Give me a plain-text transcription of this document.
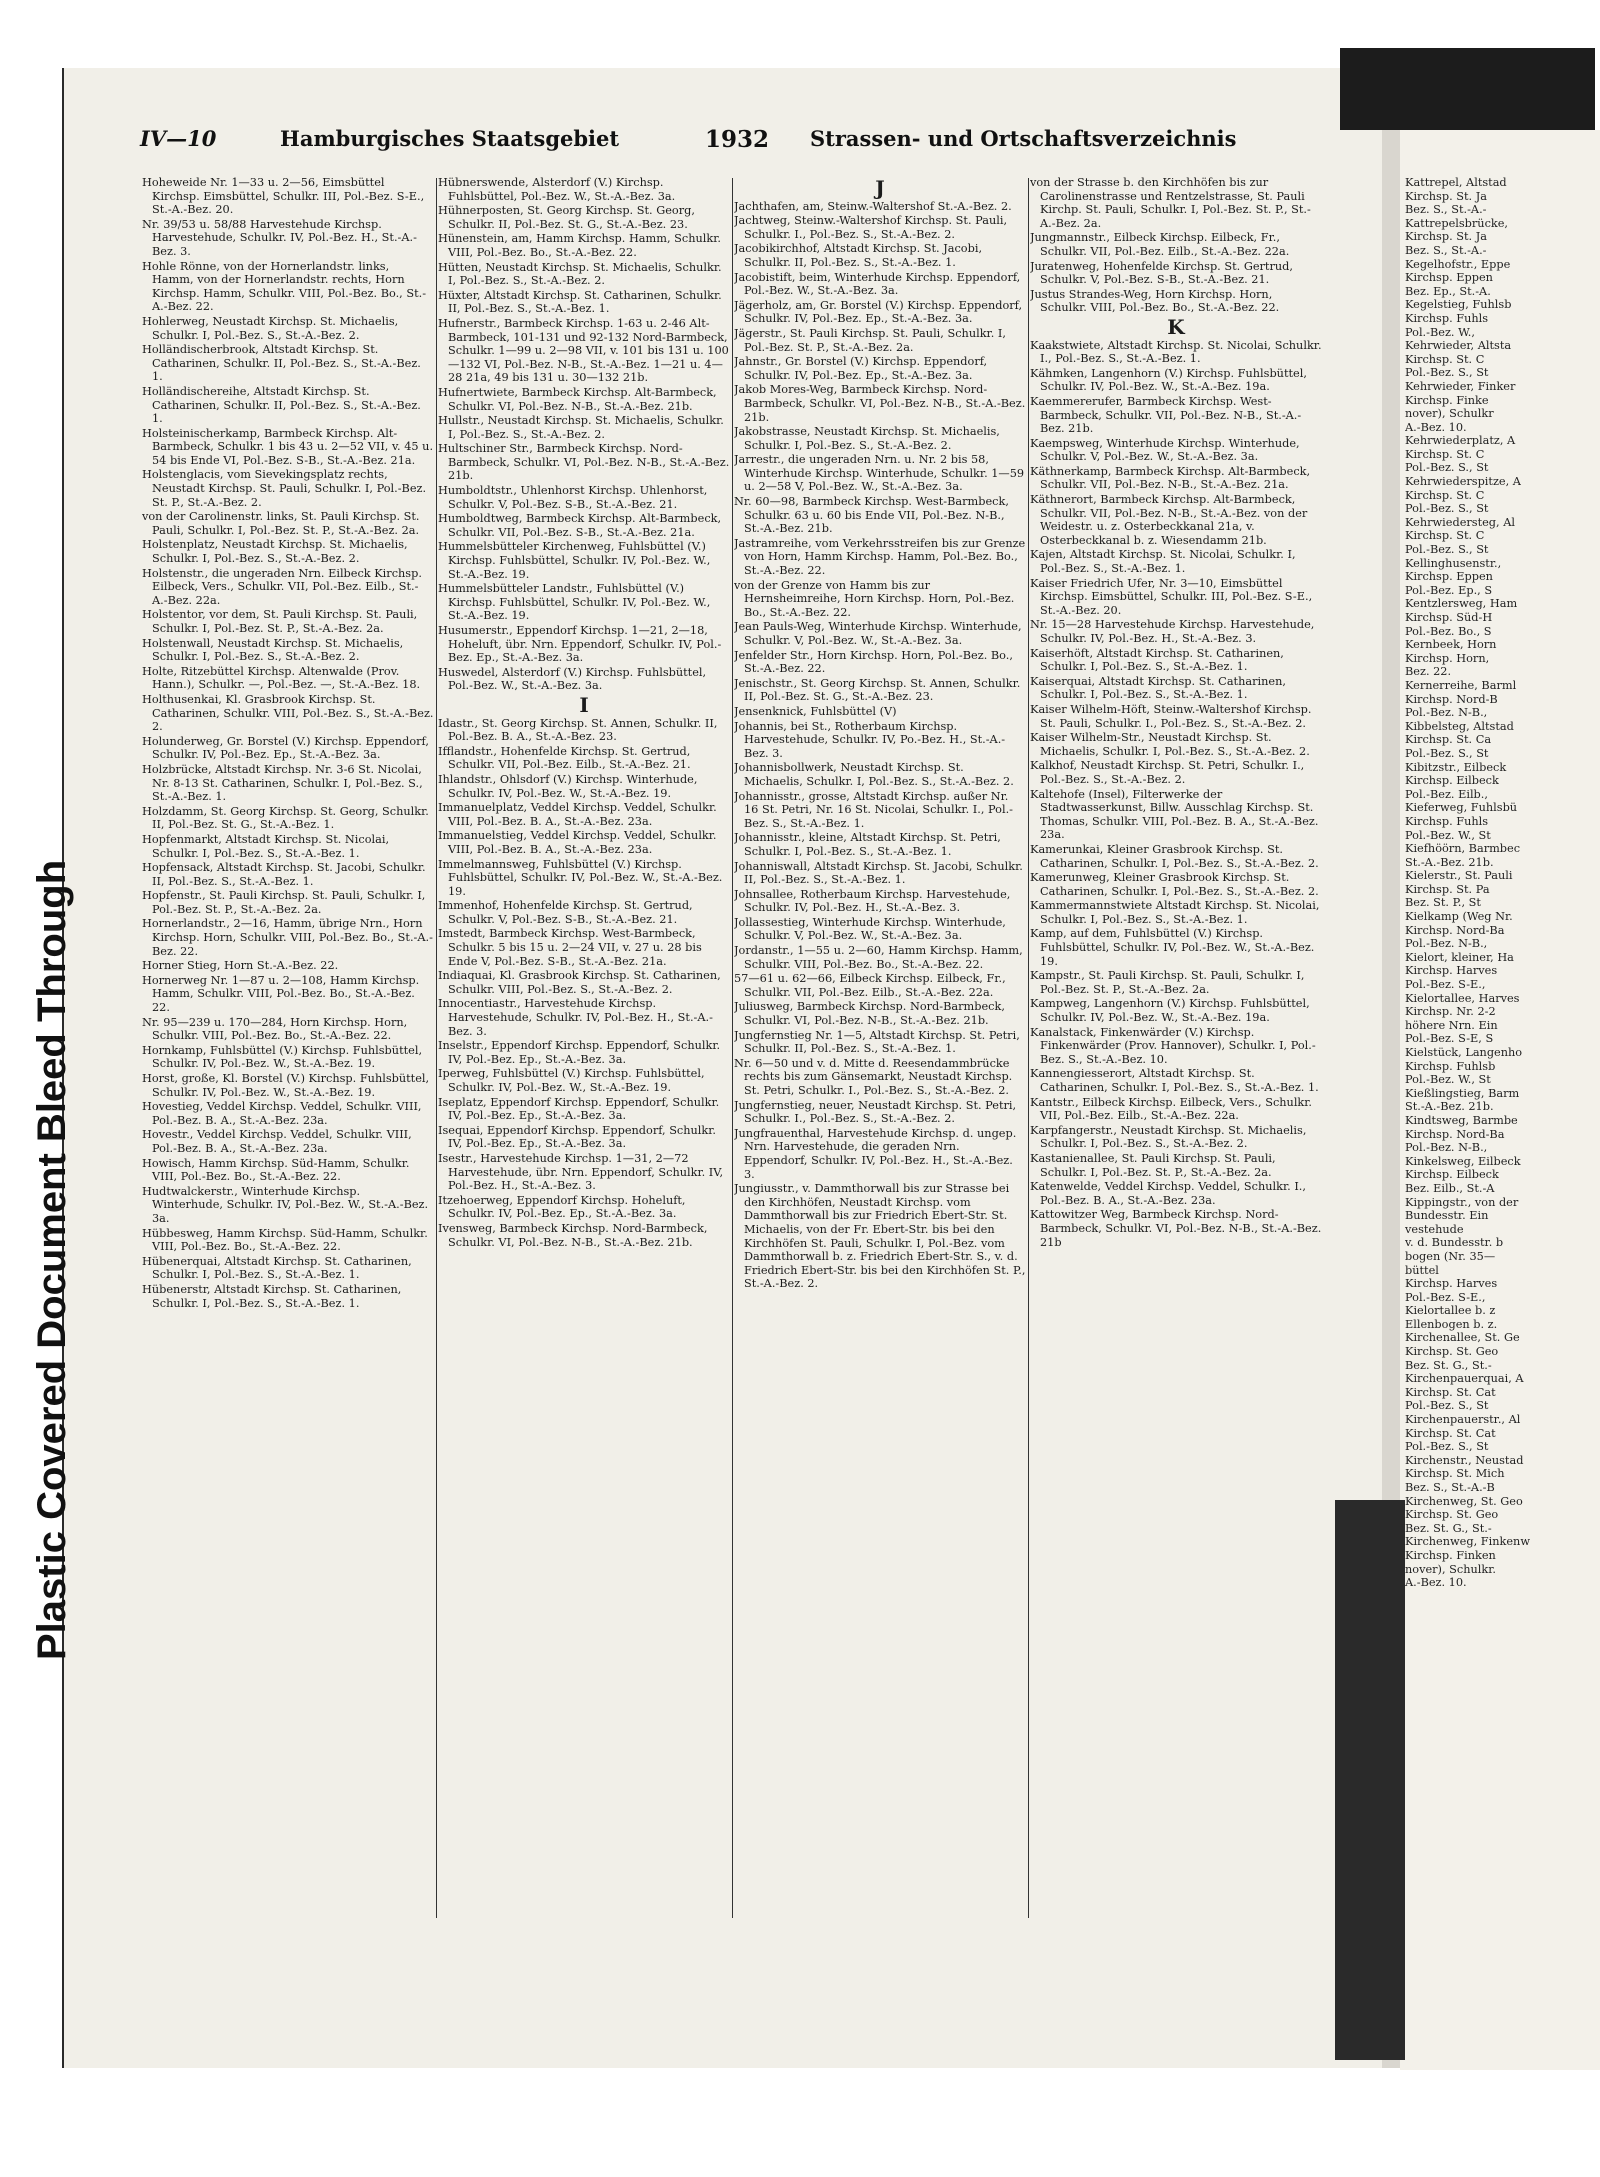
Plastic Covered Document Bleed Through
IV—10	Hamburgisches Staatsgebiet	1932 Strassen- und Ortschaftsverzeichnis
Hoheweide Nr. 1—33 u. 2—56, Eimsbüttel Kirchsp. Eimsbüttel, Schulkr. III, Pol.-Bez. S-E., St.-A.-Bez. 20.
Nr. 39/53 u. 58/88 Harvestehude Kirchsp. Harvestehude, Schulkr. IV, Pol.-Bez. H., St.-A.-Bez. 3.
Hohle Rönne, von der Hornerlandstr. links, Hamm, von der Hornerlandstr. rechts, Horn Kirchsp. Hamm, Schulkr. VIII, Pol.-Bez. Bo., St.-A.-Bez. 22.
Hohlerweg, Neustadt Kirchsp. St. Michaelis, Schulkr. I, Pol.-Bez. S., St.-A.-Bez. 2.
Holländischerbrook, Altstadt Kirchsp. St. Catharinen, Schulkr. II, Pol.-Bez. S., St.-A.-Bez. 1.
Holländischereihe, Altstadt Kirchsp. St. Catharinen, Schulkr. II, Pol.-Bez. S., St.-A.-Bez. 1.
Holsteinischerkamp, Barmbeck Kirchsp. Alt-Barmbeck, Schulkr. 1 bis 43 u. 2—52 VII, v. 45 u. 54 bis Ende VI, Pol.-Bez. S-B., St.-A.-Bez. 21a.
Holstenglacis, vom Sievekingsplatz rechts, Neustadt Kirchsp. St. Pauli, Schulkr. I, Pol.-Bez. St. P., St.-A.-Bez. 2.
von der Carolinenstr. links, St. Pauli Kirchsp. St. Pauli, Schulkr. I, Pol.-Bez. St. P., St.-A.-Bez. 2a.
Holstenplatz, Neustadt Kirchsp. St. Michaelis, Schulkr. I, Pol.-Bez. S., St.-A.-Bez. 2.
Holstenstr., die ungeraden Nrn. Eilbeck Kirchsp. Eilbeck, Vers., Schulkr. VII, Pol.-Bez. Eilb., St.-A.-Bez. 22a.
Holstentor, vor dem, St. Pauli Kirchsp. St. Pauli, Schulkr. I, Pol.-Bez. St. P., St.-A.-Bez. 2a.
Holstenwall, Neustadt Kirchsp. St. Michaelis, Schulkr. I, Pol.-Bez. S., St.-A.-Bez. 2.
Holte, Ritzebüttel Kirchsp. Altenwalde (Prov. Hann.), Schulkr. —, Pol.-Bez. —, St.-A.-Bez. 18.
Holthusenkai, Kl. Grasbrook Kirchsp. St. Catharinen, Schulkr. VIII, Pol.-Bez. S., St.-A.-Bez. 2.
Holunderweg, Gr. Borstel (V.) Kirchsp. Eppendorf, Schulkr. IV, Pol.-Bez. Ep., St.-A.-Bez. 3a.
Holzbrücke, Altstadt Kirchsp. Nr. 3-6 St. Nicolai, Nr. 8-13 St. Catharinen, Schulkr. I, Pol.-Bez. S., St.-A.-Bez. 1.
Holzdamm, St. Georg Kirchsp. St. Georg, Schulkr. II, Pol.-Bez. St. G., St.-A.-Bez. 1.
Hopfenmarkt, Altstadt Kirchsp. St. Nicolai, Schulkr. I, Pol.-Bez. S., St.-A.-Bez. 1.
Hopfensack, Altstadt Kirchsp. St. Jacobi, Schulkr. II, Pol.-Bez. S., St.-A.-Bez. 1.
Hopfenstr., St. Pauli Kirchsp. St. Pauli, Schulkr. I, Pol.-Bez. St. P., St.-A.-Bez. 2a.
Hornerlandstr., 2—16, Hamm, übrige Nrn., Horn Kirchsp. Horn, Schulkr. VIII, Pol.-Bez. Bo., St.-A.-Bez. 22.
Horner Stieg, Horn St.-A.-Bez. 22.
Hornerweg Nr. 1—87 u. 2—108, Hamm Kirchsp. Hamm, Schulkr. VIII, Pol.-Bez. Bo., St.-A.-Bez. 22.
Nr. 95—239 u. 170—284, Horn Kirchsp. Horn, Schulkr. VIII, Pol.-Bez. Bo., St.-A.-Bez. 22.
Hornkamp, Fuhlsbüttel (V.) Kirchsp. Fuhlsbüttel, Schulkr. IV, Pol.-Bez. W., St.-A.-Bez. 19.
Horst, große, Kl. Borstel (V.) Kirchsp. Fuhlsbüttel, Schulkr. IV, Pol.-Bez. W., St.-A.-Bez. 19.
Hovestieg, Veddel Kirchsp. Veddel, Schulkr. VIII, Pol.-Bez. B. A., St.-A.-Bez. 23a.
Hovestr., Veddel Kirchsp. Veddel, Schulkr. VIII, Pol.-Bez. B. A., St.-A.-Bez. 23a.
Howisch, Hamm Kirchsp. Süd-Hamm, Schulkr. VIII, Pol.-Bez. Bo., St.-A.-Bez. 22.
Hudtwalckerstr., Winterhude Kirchsp. Winterhude, Schulkr. IV, Pol.-Bez. W., St.-A.-Bez. 3a.
Hübbesweg, Hamm Kirchsp. Süd-Hamm, Schulkr. VIII, Pol.-Bez. Bo., St.-A.-Bez. 22.
Hübenerquai, Altstadt Kirchsp. St. Catharinen, Schulkr. I, Pol.-Bez. S., St.-A.-Bez. 1.
Hübenerstr, Altstadt Kirchsp. St. Catharinen, Schulkr. I, Pol.-Bez. S., St.-A.-Bez. 1.
Hübnerswende, Alsterdorf (V.) Kirchsp. Fuhlsbüttel, Pol.-Bez. W., St.-A.-Bez. 3a.
Hühnerposten, St. Georg Kirchsp. St. Georg, Schulkr. II, Pol.-Bez. St. G., St.-A.-Bez. 23.
Hünenstein, am, Hamm Kirchsp. Hamm, Schulkr. VIII, Pol.-Bez. Bo., St.-A.-Bez. 22.
Hütten, Neustadt Kirchsp. St. Michaelis, Schulkr. I, Pol.-Bez. S., St.-A.-Bez. 2.
Hüxter, Altstadt Kirchsp. St. Catharinen, Schulkr. II, Pol.-Bez. S., St.-A.-Bez. 1.
Hufnerstr., Barmbeck Kirchsp. 1-63 u. 2-46 Alt-Barmbeck, 101-131 und 92-132 Nord-Barmbeck, Schulkr. 1—99 u. 2—98 VII, v. 101 bis 131 u. 100—132 VI, Pol.-Bez. N-B., St.-A.-Bez. 1—21 u. 4—28 21a, 49 bis 131 u. 30—132 21b.
Hufnertwiete, Barmbeck Kirchsp. Alt-Barmbeck, Schulkr. VI, Pol.-Bez. N-B., St.-A.-Bez. 21b.
Hullstr., Neustadt Kirchsp. St. Michaelis, Schulkr. I, Pol.-Bez. S., St.-A.-Bez. 2.
Hultschiner Str., Barmbeck Kirchsp. Nord-Barmbeck, Schulkr. VI, Pol.-Bez. N-B., St.-A.-Bez. 21b.
Humboldtstr., Uhlenhorst Kirchsp. Uhlenhorst, Schulkr. V, Pol.-Bez. S-B., St.-A.-Bez. 21.
Humboldtweg, Barmbeck Kirchsp. Alt-Barmbeck, Schulkr. VII, Pol.-Bez. S-B., St.-A.-Bez. 21a.
Hummelsbütteler Kirchenweg, Fuhlsbüttel (V.) Kirchsp. Fuhlsbüttel, Schulkr. IV, Pol.-Bez. W., St.-A.-Bez. 19.
Hummelsbütteler Landstr., Fuhlsbüttel (V.) Kirchsp. Fuhlsbüttel, Schulkr. IV, Pol.-Bez. W., St.-A.-Bez. 19.
Husumerstr., Eppendorf Kirchsp. 1—21, 2—18, Hoheluft, übr. Nrn. Eppendorf, Schulkr. IV, Pol.-Bez. Ep., St.-A.-Bez. 3a.
Huswedel, Alsterdorf (V.) Kirchsp. Fuhlsbüttel, Pol.-Bez. W., St.-A.-Bez. 3a.
I
Idastr., St. Georg Kirchsp. St. Annen, Schulkr. II, Pol.-Bez. B. A., St.-A.-Bez. 23.
Ifflandstr., Hohenfelde Kirchsp. St. Gertrud, Schulkr. VII, Pol.-Bez. Eilb., St.-A.-Bez. 21.
Ihlandstr., Ohlsdorf (V.) Kirchsp. Winterhude, Schulkr. IV, Pol.-Bez. W., St.-A.-Bez. 19.
Immanuelplatz, Veddel Kirchsp. Veddel, Schulkr. VIII, Pol.-Bez. B. A., St.-A.-Bez. 23a.
Immanuelstieg, Veddel Kirchsp. Veddel, Schulkr. VIII, Pol.-Bez. B. A., St.-A.-Bez. 23a.
Immelmannsweg, Fuhlsbüttel (V.) Kirchsp. Fuhlsbüttel, Schulkr. IV, Pol.-Bez. W., St.-A.-Bez. 19.
Immenhof, Hohenfelde Kirchsp. St. Gertrud, Schulkr. V, Pol.-Bez. S-B., St.-A.-Bez. 21.
Imstedt, Barmbeck Kirchsp. West-Barmbeck, Schulkr. 5 bis 15 u. 2—24 VII, v. 27 u. 28 bis Ende V, Pol.-Bez. S-B., St.-A.-Bez. 21a.
Indiaquai, Kl. Grasbrook Kirchsp. St. Catharinen, Schulkr. VIII, Pol.-Bez. S., St.-A.-Bez. 2.
Innocentiastr., Harvestehude Kirchsp. Harvestehude, Schulkr. IV, Pol.-Bez. H., St.-A.-Bez. 3.
Inselstr., Eppendorf Kirchsp. Eppendorf, Schulkr. IV, Pol.-Bez. Ep., St.-A.-Bez. 3a.
Iperweg, Fuhlsbüttel (V.) Kirchsp. Fuhlsbüttel, Schulkr. IV, Pol.-Bez. W., St.-A.-Bez. 19.
Iseplatz, Eppendorf Kirchsp. Eppendorf, Schulkr. IV, Pol.-Bez. Ep., St.-A.-Bez. 3a.
Isequai, Eppendorf Kirchsp. Eppendorf, Schulkr. IV, Pol.-Bez. Ep., St.-A.-Bez. 3a.
Isestr., Harvestehude Kirchsp. 1—31, 2—72 Harvestehude, übr. Nrn. Eppendorf, Schulkr. IV, Pol.-Bez. H., St.-A.-Bez. 3.
Itzehoerweg, Eppendorf Kirchsp. Hoheluft, Schulkr. IV, Pol.-Bez. Ep., St.-A.-Bez. 3a.
Ivensweg, Barmbeck Kirchsp. Nord-Barmbeck, Schulkr. VI, Pol.-Bez. N-B., St.-A.-Bez. 21b.
J
Jachthafen, am, Steinw.-Waltershof St.-A.-Bez. 2.
Jachtweg, Steinw.-Waltershof Kirchsp. St. Pauli, Schulkr. I., Pol.-Bez. S., St.-A.-Bez. 2.
Jacobikirchhof, Altstadt Kirchsp. St. Jacobi, Schulkr. II, Pol.-Bez. S., St.-A.-Bez. 1.
Jacobistift, beim, Winterhude Kirchsp. Eppendorf, Pol.-Bez. W., St.-A.-Bez. 3a.
Jägerholz, am, Gr. Borstel (V.) Kirchsp. Eppendorf, Schulkr. IV, Pol.-Bez. Ep., St.-A.-Bez. 3a.
Jägerstr., St. Pauli Kirchsp. St. Pauli, Schulkr. I, Pol.-Bez. St. P., St.-A.-Bez. 2a.
Jahnstr., Gr. Borstel (V.) Kirchsp. Eppendorf, Schulkr. IV, Pol.-Bez. Ep., St.-A.-Bez. 3a.
Jakob Mores-Weg, Barmbeck Kirchsp. Nord-Barmbeck, Schulkr. VI, Pol.-Bez. N-B., St.-A.-Bez. 21b.
Jakobstrasse, Neustadt Kirchsp. St. Michaelis, Schulkr. I, Pol.-Bez. S., St.-A.-Bez. 2.
Jarrestr., die ungeraden Nrn. u. Nr. 2 bis 58, Winterhude Kirchsp. Winterhude, Schulkr. 1—59 u. 2—58 V, Pol.-Bez. W., St.-A.-Bez. 3a.
Nr. 60—98, Barmbeck Kirchsp. West-Barmbeck, Schulkr. 63 u. 60 bis Ende VII, Pol.-Bez. N-B., St.-A.-Bez. 21b.
Jastramreihe, vom Verkehrsstreifen bis zur Grenze von Horn, Hamm Kirchsp. Hamm, Pol.-Bez. Bo., St.-A.-Bez. 22.
von der Grenze von Hamm bis zur Hernsheimreihe, Horn Kirchsp. Horn, Pol.-Bez. Bo., St.-A.-Bez. 22.
Jean Pauls-Weg, Winterhude Kirchsp. Winterhude, Schulkr. V, Pol.-Bez. W., St.-A.-Bez. 3a.
Jenfelder Str., Horn Kirchsp. Horn, Pol.-Bez. Bo., St.-A.-Bez. 22.
Jenischstr., St. Georg Kirchsp. St. Annen, Schulkr. II, Pol.-Bez. St. G., St.-A.-Bez. 23.
Jensenknick, Fuhlsbüttel (V)
Johannis, bei St., Rotherbaum Kirchsp. Harvestehude, Schulkr. IV, Po.-Bez. H., St.-A.-Bez. 3.
Johannisbollwerk, Neustadt Kirchsp. St. Michaelis, Schulkr. I, Pol.-Bez. S., St.-A.-Bez. 2.
Johannisstr., grosse, Altstadt Kirchsp. außer Nr. 16 St. Petri, Nr. 16 St. Nicolai, Schulkr. I., Pol.-Bez. S., St.-A.-Bez. 1.
Johannisstr., kleine, Altstadt Kirchsp. St. Petri, Schulkr. I, Pol.-Bez. S., St.-A.-Bez. 1.
Johanniswall, Altstadt Kirchsp. St. Jacobi, Schulkr. II, Pol.-Bez. S., St.-A.-Bez. 1.
Johnsallee, Rotherbaum Kirchsp. Harvestehude, Schulkr. IV, Pol.-Bez. H., St.-A.-Bez. 3.
Jollassestieg, Winterhude Kirchsp. Winterhude, Schulkr. V, Pol.-Bez. W., St.-A.-Bez. 3a.
Jordanstr., 1—55 u. 2—60, Hamm Kirchsp. Hamm, Schulkr. VIII, Pol.-Bez. Bo., St.-A.-Bez. 22.
57—61 u. 62—66, Eilbeck Kirchsp. Eilbeck, Fr., Schulkr. VII, Pol.-Bez. Eilb., St.-A.-Bez. 22a.
Juliusweg, Barmbeck Kirchsp. Nord-Barmbeck, Schulkr. VI, Pol.-Bez. N-B., St.-A.-Bez. 21b.
Jungfernstieg Nr. 1—5, Altstadt Kirchsp. St. Petri, Schulkr. II, Pol.-Bez. S., St.-A.-Bez. 1.
Nr. 6—50 und v. d. Mitte d. Reesendammbrücke rechts bis zum Gänsemarkt, Neustadt Kirchsp. St. Petri, Schulkr. I., Pol.-Bez. S., St.-A.-Bez. 2.
Jungfernstieg, neuer, Neustadt Kirchsp. St. Petri, Schulkr. I., Pol.-Bez. S., St.-A.-Bez. 2.
Jungfrauenthal, Harvestehude Kirchsp. d. ungeр. Nrn. Harvestehude, die geraden Nrn. Eppendorf, Schulkr. IV, Pol.-Bez. H., St.-A.-Bez. 3.
Jungiusstr., v. Dammthorwall bis zur Strasse bei den Kirchhöfen, Neustadt Kirchsp. vom Dammthorwall bis zur Friedrich Ebert-Str. St. Michaelis, von der Fr. Ebert-Str. bis bei den Kirchhöfen St. Pauli, Schulkr. I, Pol.-Bez. vom Dammthorwall b. z. Friedrich Ebert-Str. S., v. d. Friedrich Ebert-Str. bis bei den Kirchhöfen St. P., St.-A.-Bez. 2.
von der Strasse b. den Kirchhöfen bis zur Carolinenstrasse und Rentzelstrasse, St. Pauli Kirchp. St. Pauli, Schulkr. I, Pol.-Bez. St. P., St.-A.-Bez. 2a.
Jungmannstr., Eilbeck Kirchsp. Eilbeck, Fr., Schulkr. VII, Pol.-Bez. Eilb., St.-A.-Bez. 22a.
Juratenweg, Hohenfelde Kirchsp. St. Gertrud, Schulkr. V, Pol.-Bez. S-B., St.-A.-Bez. 21.
Justus Strandes-Weg, Horn Kirchsp. Horn, Schulkr. VIII, Pol.-Bez. Bo., St.-A.-Bez. 22.
K
Kaakstwiete, Altstadt Kirchsp. St. Nicolai, Schulkr. I., Pol.-Bez. S., St.-A.-Bez. 1.
Kähmken, Langenhorn (V.) Kirchsp. Fuhlsbüttel, Schulkr. IV, Pol.-Bez. W., St.-A.-Bez. 19a.
Kaemmererufer, Barmbeck Kirchsp. West-Barmbeck, Schulkr. VII, Pol.-Bez. N-B., St.-A.-Bez. 21b.
Kaempsweg, Winterhude Kirchsp. Winterhude, Schulkr. V, Pol.-Bez. W., St.-A.-Bez. 3a.
Käthnerkamp, Barmbeck Kirchsp. Alt-Barmbeck, Schulkr. VII, Pol.-Bez. N-B., St.-A.-Bez. 21a.
Käthnerort, Barmbeck Kirchsp. Alt-Barmbeck, Schulkr. VII, Pol.-Bez. N-B., St.-A.-Bez. von der Weidestr. u. z. Osterbeckkanal 21a, v. Osterbeckkanal b. z. Wiesendamm 21b.
Kajen, Altstadt Kirchsp. St. Nicolai, Schulkr. I, Pol.-Bez. S., St.-A.-Bez. 1.
Kaiser Friedrich Ufer, Nr. 3—10, Eimsbüttel Kirchsp. Eimsbüttel, Schulkr. III, Pol.-Bez. S-E., St.-A.-Bez. 20.
Nr. 15—28 Harvestehude Kirchsp. Harvestehude, Schulkr. IV, Pol.-Bez. H., St.-A.-Bez. 3.
Kaiserhöft, Altstadt Kirchsp. St. Catharinen, Schulkr. I, Pol.-Bez. S., St.-A.-Bez. 1.
Kaiserquai, Altstadt Kirchsp. St. Catharinen, Schulkr. I, Pol.-Bez. S., St.-A.-Bez. 1.
Kaiser Wilhelm-Höft, Steinw.-Waltershof Kirchsp. St. Pauli, Schulkr. I., Pol.-Bez. S., St.-A.-Bez. 2.
Kaiser Wilhelm-Str., Neustadt Kirchsp. St. Michaelis, Schulkr. I, Pol.-Bez. S., St.-A.-Bez. 2.
Kalkhof, Neustadt Kirchsp. St. Petri, Schulkr. I., Pol.-Bez. S., St.-A.-Bez. 2.
Kaltehofe (Insel), Filterwerke der Stadtwasserkunst, Billw. Ausschlag Kirchsp. St. Thomas, Schulkr. VIII, Pol.-Bez. B. A., St.-A.-Bez. 23a.
Kamerunkai, Kleiner Grasbrook Kirchsp. St. Catharinen, Schulkr. I, Pol.-Bez. S., St.-A.-Bez. 2.
Kamerunweg, Kleiner Grasbrook Kirchsp. St. Catharinen, Schulkr. I, Pol.-Bez. S., St.-A.-Bez. 2.
Kammermannstwiete Altstadt Kirchsp. St. Nicolai, Schulkr. I, Pol.-Bez. S., St.-A.-Bez. 1.
Kamp, auf dem, Fuhlsbüttel (V.) Kirchsp. Fuhlsbüttel, Schulkr. IV, Pol.-Bez. W., St.-A.-Bez. 19.
Kampstr., St. Pauli Kirchsp. St. Pauli, Schulkr. I, Pol.-Bez. St. P., St.-A.-Bez. 2a.
Kampweg, Langenhorn (V.) Kirchsp. Fuhlsbüttel, Schulkr. IV, Pol.-Bez. W., St.-A.-Bez. 19a.
Kanalstack, Finkenwärder (V.) Kirchsp. Finkenwärder (Prov. Hannover), Schulkr. I, Pol.-Bez. S., St.-A.-Bez. 10.
Kannengiesserort, Altstadt Kirchsp. St. Catharinen, Schulkr. I, Pol.-Bez. S., St.-A.-Bez. 1.
Kantstr., Eilbeck Kirchsp. Eilbeck, Vers., Schulkr. VII, Pol.-Bez. Eilb., St.-A.-Bez. 22a.
Karpfangerstr., Neustadt Kirchsp. St. Michaelis, Schulkr. I, Pol.-Bez. S., St.-A.-Bez. 2.
Kastanienallee, St. Pauli Kirchsp. St. Pauli, Schulkr. I, Pol.-Bez. St. P., St.-A.-Bez. 2a.
Katenwelde, Veddel Kirchsp. Veddel, Schulkr. I., Pol.-Bez. B. A., St.-A.-Bez. 23a.
Kattowitzer Weg, Barmbeck Kirchsp. Nord-Barmbeck, Schulkr. VI, Pol.-Bez. N-B., St.-A.-Bez. 21b
Kattrepel, Altstad
Kirchsp. St. Ja
Bez. S., St.-A.-
Kattrepelsbrücke,
Kirchsp. St. Ja
Bez. S., St.-A.-
Kegelhofstr., Eppe
Kirchsp. Eppen
Bez. Ep., St.-A.
Kegelstieg, Fuhlsb
Kirchsp. Fuhls
Pol.-Bez. W.,
Kehrwieder, Altsta
Kirchsp. St. C
Pol.-Bez. S., St
Kehrwieder, Finker
Kirchsp. Finke
nover), Schulkr
A.-Bez. 10.
Kehrwiederplatz, A
Kirchsp. St. C
Pol.-Bez. S., St
Kehrwiederspitze, A
Kirchsp. St. C
Pol.-Bez. S., St
Kehrwiedersteg, Al
Kirchsp. St. C
Pol.-Bez. S., St
Kellinghusenstr.,
Kirchsp. Eppen
Pol.-Bez. Ep., S
Kentzlersweg, Ham
Kirchsp. Süd-H
Pol.-Bez. Bo., S
Kernbeek, Horn
Kirchsp. Horn,
Bez. 22.
Kernerreihe, Barml
Kirchsp. Nord-B
Pol.-Bez. N-B.,
Kibbelsteg, Altstad
Kirchsp. St. Ca
Pol.-Bez. S., St
Kibitzstr., Eilbeck
Kirchsp. Eilbeck
Pol.-Bez. Eilb.,
Kieferweg, Fuhlsbü
Kirchsp. Fuhls
Pol.-Bez. W., St
Kiefhöörn, Barmbec
St.-A.-Bez. 21b.
Kielerstr., St. Pauli
Kirchsp. St. Pa
Bez. St. P., St
Kielkamp (Weg Nr.
Kirchsp. Nord-Ba
Pol.-Bez. N-B.,
Kielort, kleiner, Ha
Kirchsp. Harves
Pol.-Bez. S-E.,
Kielortallee, Harves
Kirchsp. Nr. 2-2
höhere Nrn. Ein
Pol.-Bez. S-E, S
Kielstück, Langenho
Kirchsp. Fuhlsb
Pol.-Bez. W., St
Kießlingstieg, Barm
St.-A.-Bez. 21b.
Kindtsweg, Barmbe
Kirchsp. Nord-Ba
Pol.-Bez. N-B.,
Kinkelsweg, Eilbeck
Kirchsp. Eilbeck
Bez. Eilb., St.-A
Kippingstr., von der
Bundesstr. Ein
vestehude
v. d. Bundesstr. b
bogen (Nr. 35—
büttel
Kirchsp. Harves
Pol.-Bez. S-E.,
Kielortallee b. z
Ellenbogen b. z.
Kirchenallee, St. Ge
Kirchsp. St. Geo
Bez. St. G., St.-
Kirchenpauerquai, A
Kirchsp. St. Cat
Pol.-Bez. S., St
Kirchenpauerstr., Al
Kirchsp. St. Cat
Pol.-Bez. S., St
Kirchenstr., Neustad
Kirchsp. St. Mich
Bez. S., St.-A.-B
Kirchenweg, St. Geo
Kirchsp. St. Geo
Bez. St. G., St.-
Kirchenweg, Finkenw
Kirchsp. Finken
nover), Schulkr.
A.-Bez. 10.
